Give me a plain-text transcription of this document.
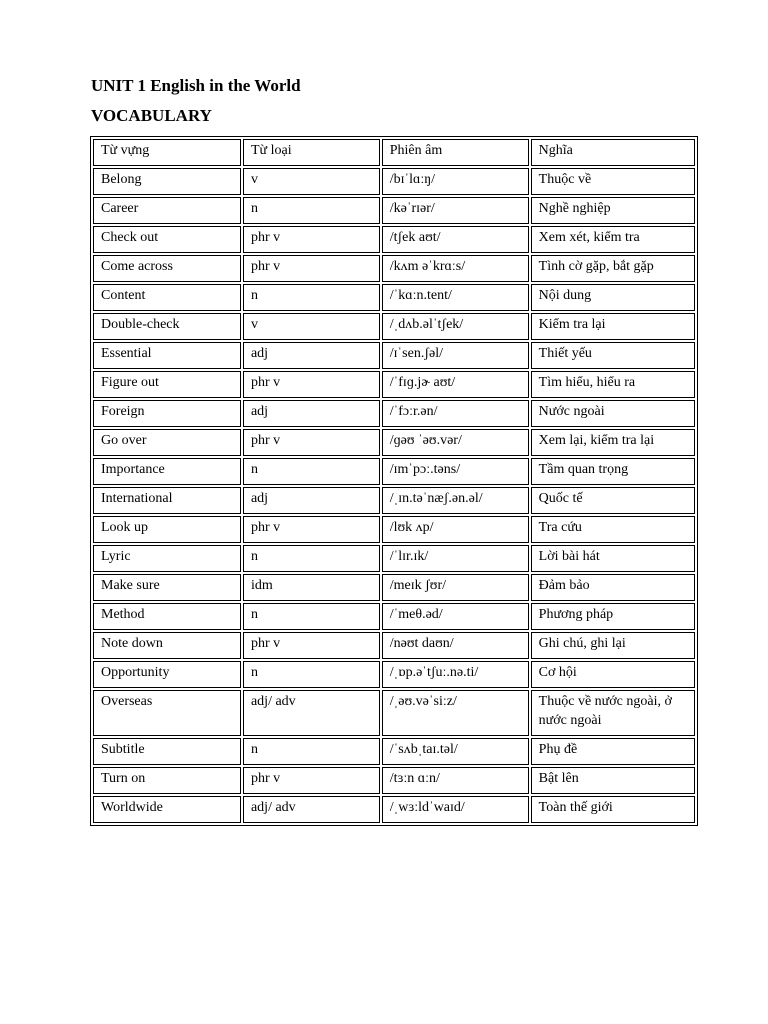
UNIT 1 English in the World
VOCABULARY
Từ vựng	Từ loại	Phiên âm	Nghĩa

Belong	v	/bɪˈlɑːŋ/	Thuộc về

Career	n	/kəˈrɪər/	Nghề nghiệp

Check out	phr v	/tʃek aʊt/	Xem xét, kiểm tra

Come across	phr v	/kʌm əˈkrɑːs/	Tình cờ gặp, bắt gặp

Content	n	/ˈkɑːn.tent/	Nội dung

Double-check	v	/ˌdʌb.əlˈtʃek/	Kiểm tra lại

Essential	adj	/ɪˈsen.ʃəl/	Thiết yếu

Figure out	phr v	/ˈfɪɡ.jɚ aʊt/	Tìm hiểu, hiểu ra

Foreign	adj	/ˈfɔːr.ən/	Nước ngoài

Go over	phr v	/ɡəʊ ˈəʊ.vər/	Xem lại, kiểm tra lại

Importance	n	/ɪmˈpɔː.təns/	Tầm quan trọng

International	adj	/ˌɪn.təˈnæʃ.ən.əl/	Quốc tế

Look up	phr v	/lʊk ʌp/	Tra cứu

Lyric	n	/ˈlɪr.ɪk/	Lời bài hát

Make sure	idm	/meɪk ʃʊr/	Đảm bảo

Method	n	/ˈmeθ.əd/	Phương pháp

Note down	phr v	/nəʊt daʊn/	Ghi chú, ghi lại

Opportunity	n	/ˌɒp.əˈtʃuː.nə.ti/	Cơ hội

Overseas	adj/ adv	/ˌəʊ.vəˈsiːz/	Thuộc về nước ngoài, ở nước ngoài

Subtitle	n	/ˈsʌbˌtaɪ.təl/	Phụ đề

Turn on	phr v	/tɜːn ɑːn/	Bật lên

Worldwide	adj/ adv	/ˌwɜːldˈwaɪd/	Toàn thế giới
